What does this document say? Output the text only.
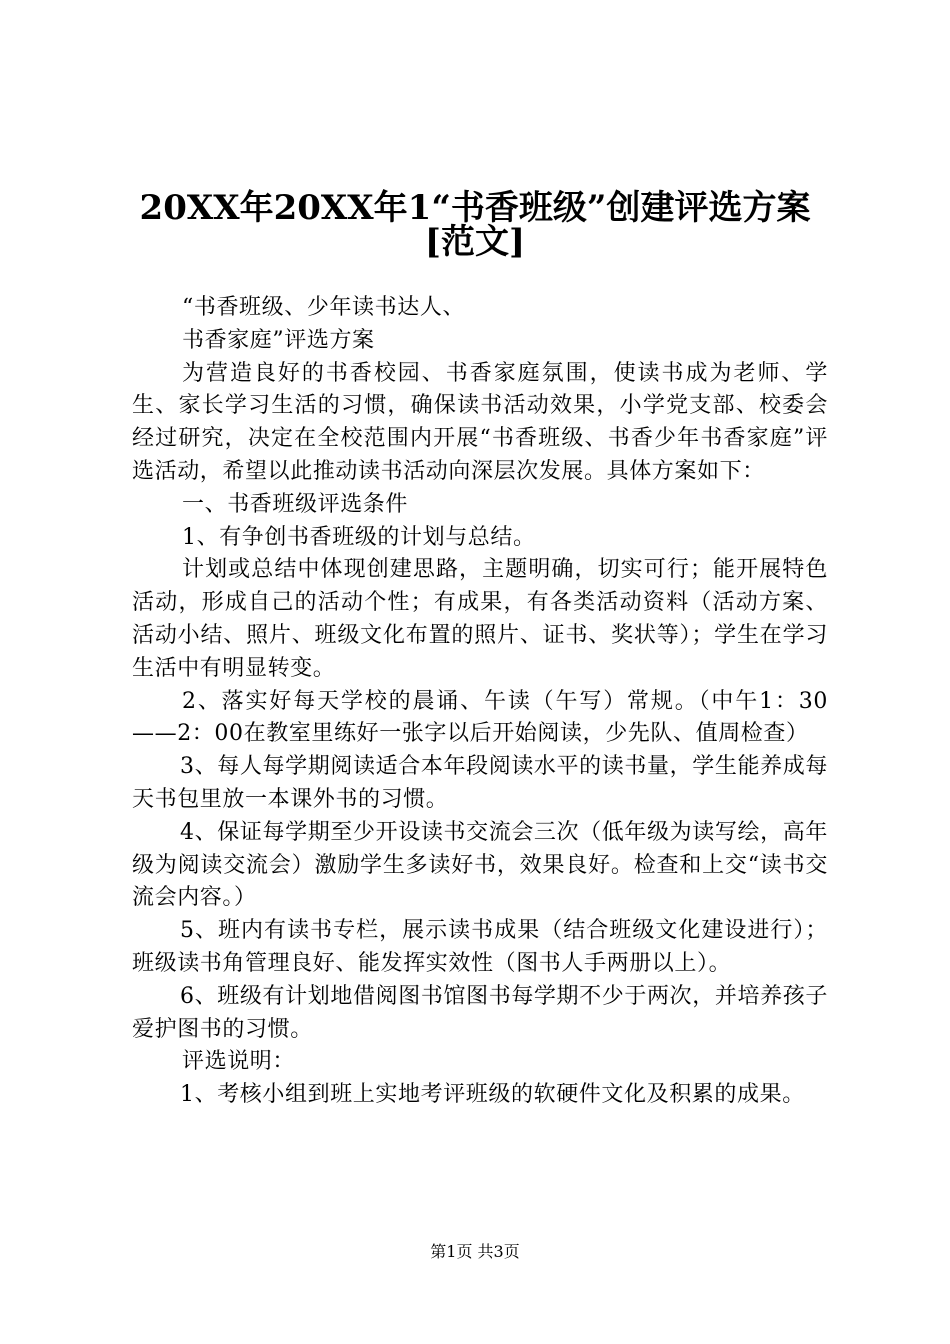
20XX年20XX年1“书香班级”创建评选方案
[范文]

“书香班级、少年读书达人、

书香家庭”评选方案

为营造良好的书香校园、书香家庭氛围，使读书成为老师、学生、家长学习生活的习惯，确保读书活动效果，小学党支部、校委会经过研究，决定在全校范围内开展“书香班级、书香少年书香家庭”评选活动，希望以此推动读书活动向深层次发展。具体方案如下：

一、书香班级评选条件

1、有争创书香班级的计划与总结。

计划或总结中体现创建思路，主题明确，切实可行；能开展特色活动，形成自己的活动个性；有成果，有各类活动资料（活动方案、活动小结、照片、班级文化布置的照片、证书、奖状等）；学生在学习生活中有明显转变。

2、落实好每天学校的晨诵、午读（午写）常规。（中午1：30——2：00在教室里练好一张字以后开始阅读，少先队、值周检查）

3、每人每学期阅读适合本年段阅读水平的读书量，学生能养成每天书包里放一本课外书的习惯。

4、保证每学期至少开设读书交流会三次（低年级为读写绘，高年级为阅读交流会）激励学生多读好书，效果良好。检查和上交“读书交流会内容。）

5、班内有读书专栏，展示读书成果（结合班级文化建设进行）；班级读书角管理良好、能发挥实效性（图书人手两册以上）。

6、班级有计划地借阅图书馆图书每学期不少于两次，并培养孩子爱护图书的习惯。

评选说明：

1、考核小组到班上实地考评班级的软硬件文化及积累的成果。

第1页 共3页
